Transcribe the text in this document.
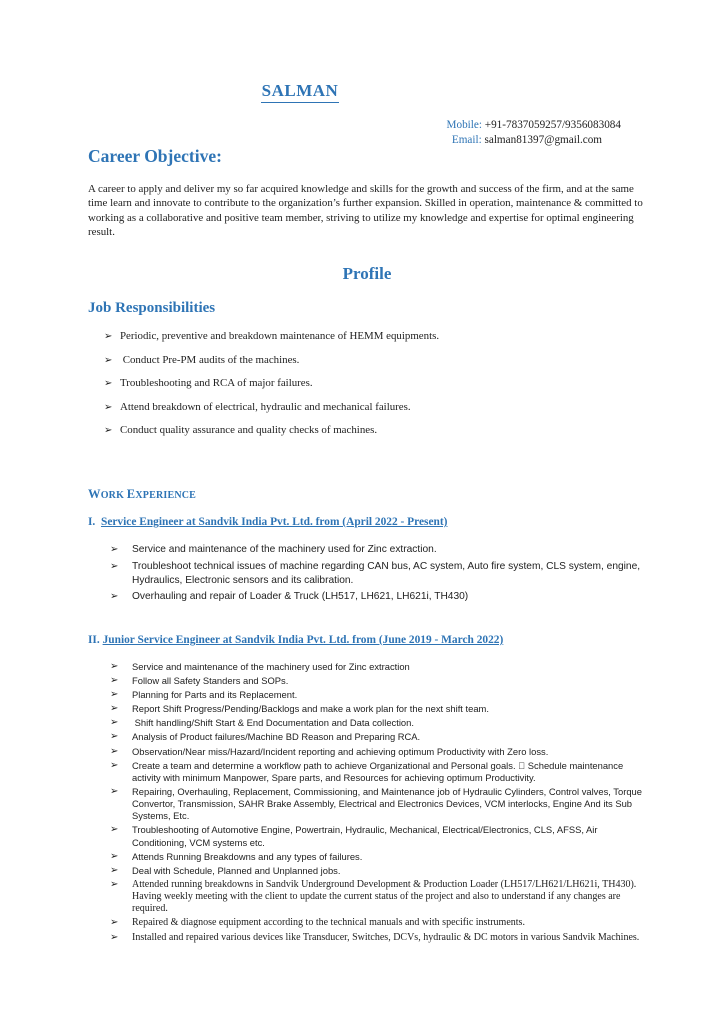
SALMAN
Mobile: +91-7837059257/9356083084
Email: salman81397@gmail.com
Career Objective:
A career to apply and deliver my so far acquired knowledge and skills for the growth and success of the firm, and at the same time learn and innovate to contribute to the organization’s further expansion. Skilled in operation, maintenance & committed to working as a collaborative and positive team member, striving to utilize my knowledge and expertise for optimal engineering result.
Profile
Job Responsibilities
➢ Periodic, preventive and breakdown maintenance of HEMM equipments.
➢ Conduct Pre-PM audits of the machines.
➢ Troubleshooting and RCA of major failures.
➢ Attend breakdown of electrical, hydraulic and mechanical failures.
➢ Conduct quality assurance and quality checks of machines.
WORK EXPERIENCE
I. Service Engineer at Sandvik India Pvt. Ltd. from (April 2022 - Present)
➢	Service and maintenance of the machinery used for Zinc extraction.
➢	Troubleshoot technical issues of machine regarding CAN bus, AC system, Auto fire system, CLS system, engine, Hydraulics, Electronic sensors and its calibration.
➢	Overhauling and repair of Loader & Truck (LH517, LH621, LH621i, TH430)
II. Junior Service Engineer at Sandvik India Pvt. Ltd. from (June 2019 - March 2022)
➢	Service and maintenance of the machinery used for Zinc extraction
➢	Follow all Safety Standers and SOPs.
➢	Planning for Parts and its Replacement.
➢	Report Shift Progress/Pending/Backlogs and make a work plan for the next shift team.
➢	Shift handling/Shift Start & End Documentation and Data collection.
➢	Analysis of Product failures/Machine BD Reason and Preparing RCA.
➢	Observation/Near miss/Hazard/Incident reporting and achieving optimum Productivity with Zero loss.
➢	Create a team and determine a workflow path to achieve Organizational and Personal goals. Schedule maintenance activity with minimum Manpower, Spare parts, and Resources for achieving optimum Productivity.
➢	Repairing, Overhauling, Replacement, Commissioning, and Maintenance job of Hydraulic Cylinders, Control valves, Torque Convertor, Transmission, SAHR Brake Assembly, Electrical and Electronics Devices, VCM interlocks, Engine And its Sub Systems, Etc.
➢	Troubleshooting of Automotive Engine, Powertrain, Hydraulic, Mechanical, Electrical/Electronics, CLS, AFSS, Air Conditioning, VCM systems etc.
➢	Attends Running Breakdowns and any types of failures.
➢	Deal with Schedule, Planned and Unplanned jobs.
➢	Attended running breakdowns in Sandvik Underground Development & Production Loader (LH517/LH621/LH621i, TH430). Having weekly meeting with the client to update the current status of the project and also to understand if any changes are required.
➢	Repaired & diagnose equipment according to the technical manuals and with specific instruments.
➢	Installed and repaired various devices like Transducer, Switches, DCVs, hydraulic & DC motors in various Sandvik Machines.
